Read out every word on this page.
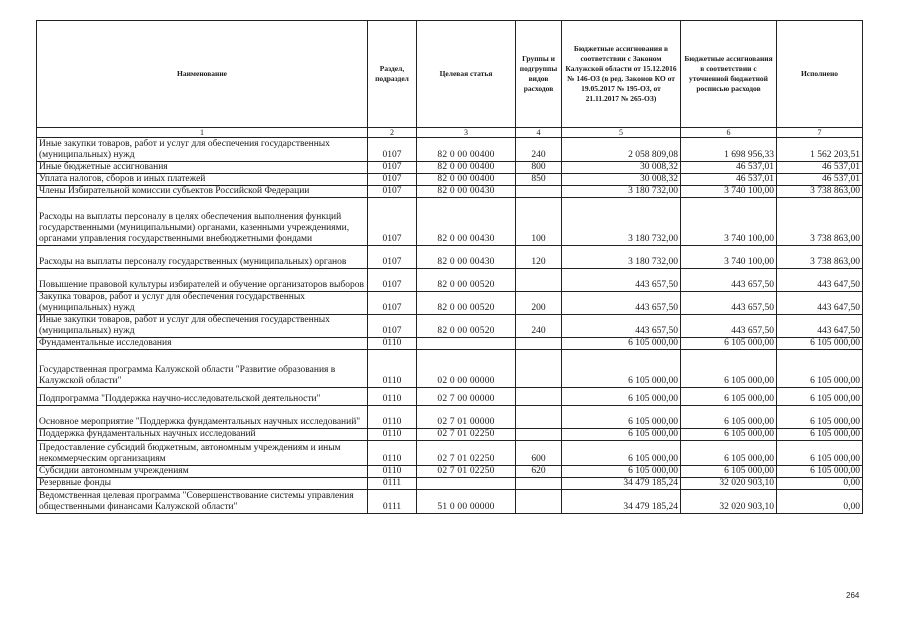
Наименование	Раздел, подраздел	Целевая статья	Группы и подгруппы видов расходов	Бюджетные ассигнования в соответствии с Законом Калужской области от 15.12.2016 № 146-ОЗ (в ред. Законов КО от 19.05.2017 № 195-ОЗ, от 21.11.2017 № 265-ОЗ)	Бюджетные ассигнования в соответствии с уточненной бюджетной росписью расходов	Исполнено
1	2	3	4	5	6	7
Иные закупки товаров, работ и услуг для обеспечения государственных (муниципальных) нужд	0107	82 0 00 00400	240	2 058 809,08	1 698 956,33	1 562 203,51
Иные бюджетные ассигнования	0107	82 0 00 00400	800	30 008,32	46 537,01	46 537,01
Уплата налогов, сборов и иных платежей	0107	82 0 00 00400	850	30 008,32	46 537,01	46 537,01
Члены Избирательной комиссии субъектов Российской Федерации	0107	82 0 00 00430		3 180 732,00	3 740 100,00	3 738 863,00
Расходы на выплаты персоналу в целях обеспечения выполнения функций государственными (муниципальными) органами, казенными учреждениями, органами управления государственными внебюджетными фондами	0107	82 0 00 00430	100	3 180 732,00	3 740 100,00	3 738 863,00
Расходы на выплаты персоналу государственных (муниципальных) органов	0107	82 0 00 00430	120	3 180 732,00	3 740 100,00	3 738 863,00
Повышение правовой культуры избирателей и обучение организаторов выборов	0107	82 0 00 00520		443 657,50	443 657,50	443 647,50
Закупка товаров, работ и услуг для обеспечения государственных (муниципальных) нужд	0107	82 0 00 00520	200	443 657,50	443 657,50	443 647,50
Иные закупки товаров, работ и услуг для обеспечения государственных (муниципальных) нужд	0107	82 0 00 00520	240	443 657,50	443 657,50	443 647,50
Фундаментальные исследования	0110			6 105 000,00	6 105 000,00	6 105 000,00
Государственная программа Калужской области "Развитие образования в Калужской области"	0110	02 0 00 00000		6 105 000,00	6 105 000,00	6 105 000,00
Подпрограмма "Поддержка научно-исследовательской деятельности"	0110	02 7 00 00000		6 105 000,00	6 105 000,00	6 105 000,00
Основное мероприятие "Поддержка фундаментальных научных исследований"	0110	02 7 01 00000		6 105 000,00	6 105 000,00	6 105 000,00
Поддержка фундаментальных научных исследований	0110	02 7 01 02250		6 105 000,00	6 105 000,00	6 105 000,00
Предоставление субсидий бюджетным, автономным учреждениям и иным некоммерческим организациям	0110	02 7 01 02250	600	6 105 000,00	6 105 000,00	6 105 000,00
Субсидии автономным учреждениям	0110	02 7 01 02250	620	6 105 000,00	6 105 000,00	6 105 000,00
Резервные фонды	0111			34 479 185,24	32 020 903,10	0,00
Ведомственная целевая программа "Совершенствование системы управления общественными финансами Калужской области"	0111	51 0 00 00000		34 479 185,24	32 020 903,10	0,00
264
